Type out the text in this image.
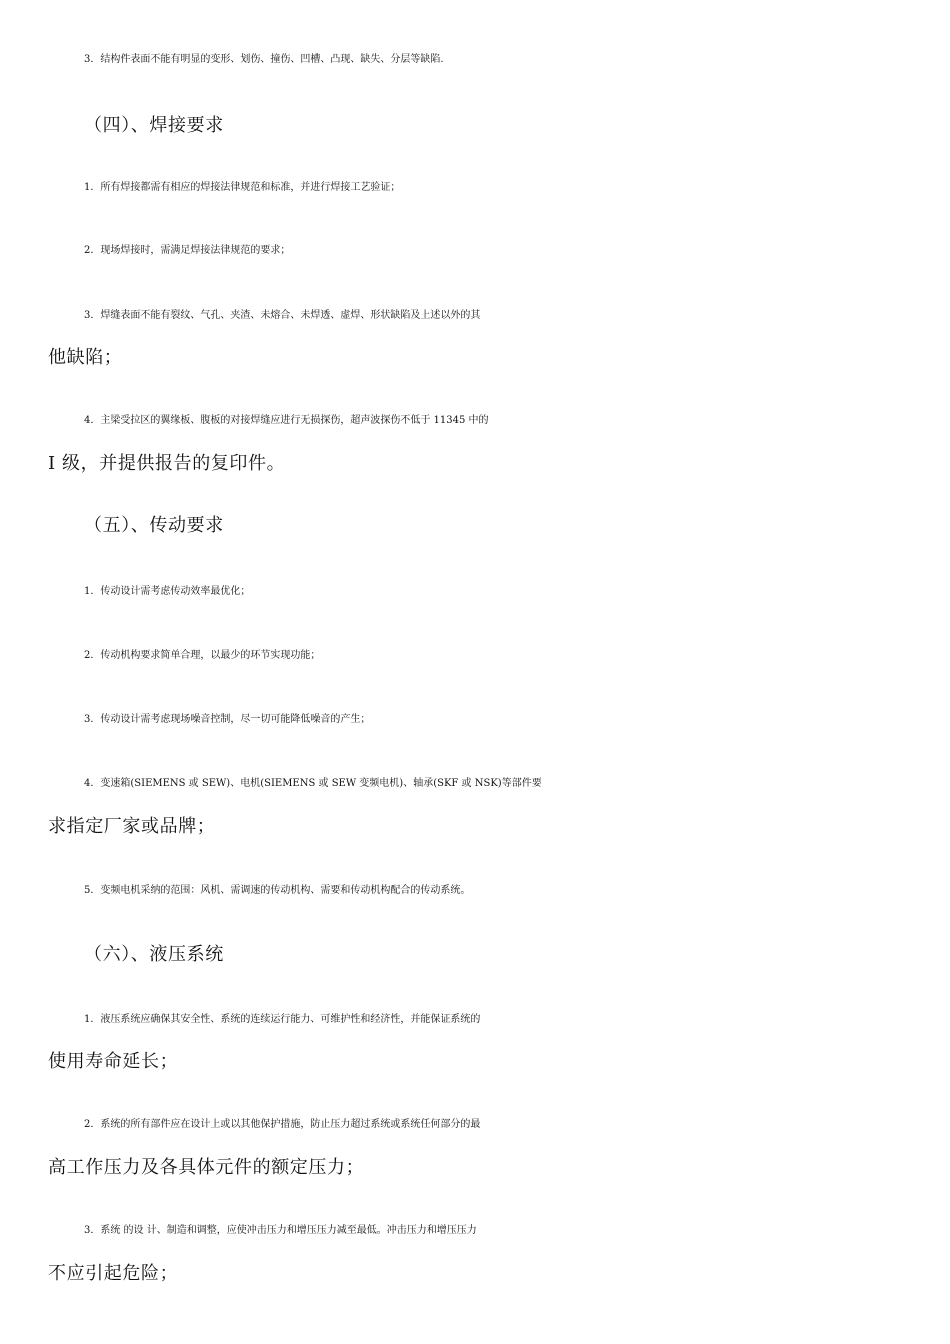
3．结构件表面不能有明显的变形、划伤、撞伤、凹槽、凸现、缺失、分层等缺陷.
（四）、焊接要求
1．所有焊接都需有相应的焊接法律规范和标准，并进行焊接工艺验证；
2．现场焊接时，需满足焊接法律规范的要求；
3．焊缝表面不能有裂纹、气孔、夹渣、未熔合、未焊透、虚焊、形状缺陷及上述以外的其
他缺陷；
4．主梁受拉区的翼缘板、腹板的对接焊缝应进行无损探伤，超声波探伤不低于 11345 中的
I 级，并提供报告的复印件。
（五）、传动要求
1．传动设计需考虑传动效率最优化；
2．传动机构要求简单合理，以最少的环节实现功能；
3．传动设计需考虑现场噪音控制，尽一切可能降低噪音的产生；
4．变速箱(SIEMENS 或 SEW)、电机(SIEMENS 或 SEW 变频电机)、轴承(SKF 或 NSK)等部件要
求指定厂家或品牌；
5．变频电机采纳的范围：风机、需调速的传动机构、需要和传动机构配合的传动系统。
（六）、液压系统
1．液压系统应确保其安全性、系统的连续运行能力、可维护性和经济性，并能保证系统的
使用寿命延长；
2．系统的所有部件应在设计上或以其他保护措施，防止压力超过系统或系统任何部分的最
高工作压力及各具体元件的额定压力；
3．系统 的设 计、制造和调整，应使冲击压力和增压压力减至最低。冲击压力和增压压力
不应引起危险；
